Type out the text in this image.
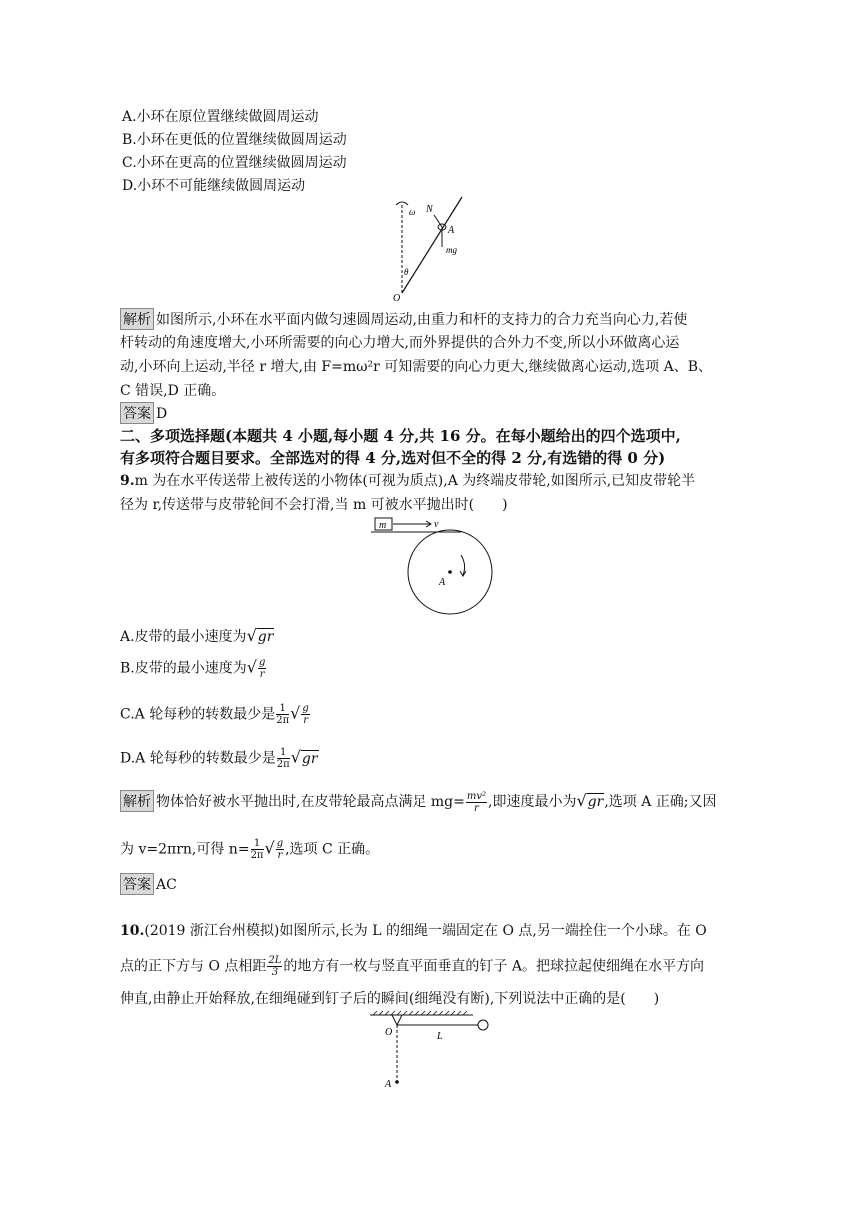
A.小环在原位置继续做圆周运动
B.小环在更低的位置继续做圆周运动
C.小环在更高的位置继续做圆周运动
D.小环不可能继续做圆周运动
ω N
A
mg
θ
O
解析 如图所示,小环在水平面内做匀速圆周运动,由重力和杆的支持力的合力充当向心力,若使
杆转动的角速度增大,小环所需要的向心力增大,而外界提供的合外力不变,所以小环做离心运
动,小环向上运动,半径 r 增大,由 F=mω²r 可知需要的向心力更大,继续做离心运动,选项 A、B、
C 错误,D 正确。
答案 D
二、多项选择题(本题共 4 小题,每小题 4 分,共 16 分。在每小题给出的四个选项中,
有多项符合题目要求。全部选对的得 4 分,选对但不全的得 2 分,有选错的得 0 分)
9.m 为在水平传送带上被传送的小物体(可视为质点),A 为终端皮带轮,如图所示,已知皮带轮半
径为 r,传送带与皮带轮间不会打滑,当 m 可被水平抛出时(　　)
m	v
A
A.皮带的最小速度为√gr
B.皮带的最小速度为√ $\frac{g}{r}$
C.A 轮每秒的转数最少是 $\frac{1}{2\pi}$ √ $\frac{g}{r}$
D.A 轮每秒的转数最少是 $\frac{1}{2\pi} √gr$
解析 物体恰好被水平抛出时,在皮带轮最高点满足 $mg= \frac{\text{mv²}}{r}$ ,即速度最小为√gr,选项 A 正确;又因
为 v=2πrn,可得 $n= \frac{1}{2\pi}$ √ $\frac{g}{r}$ ,选项 C 正确。
答案 AC
10.(2019 浙江台州模拟)如图所示,长为 L 的细绳一端固定在 O 点,另一端拴住一个小球。在 O
点的正下方与 O 点相距 $\frac{2L}{3}$ 的地方有一枚与竖直平面垂直的钉子 A。把球拉起使细绳在水平方向
伸直,由静止开始释放,在细绳碰到钉子后的瞬间(细绳没有断),下列说法中正确的是(　　)
O	L
A
